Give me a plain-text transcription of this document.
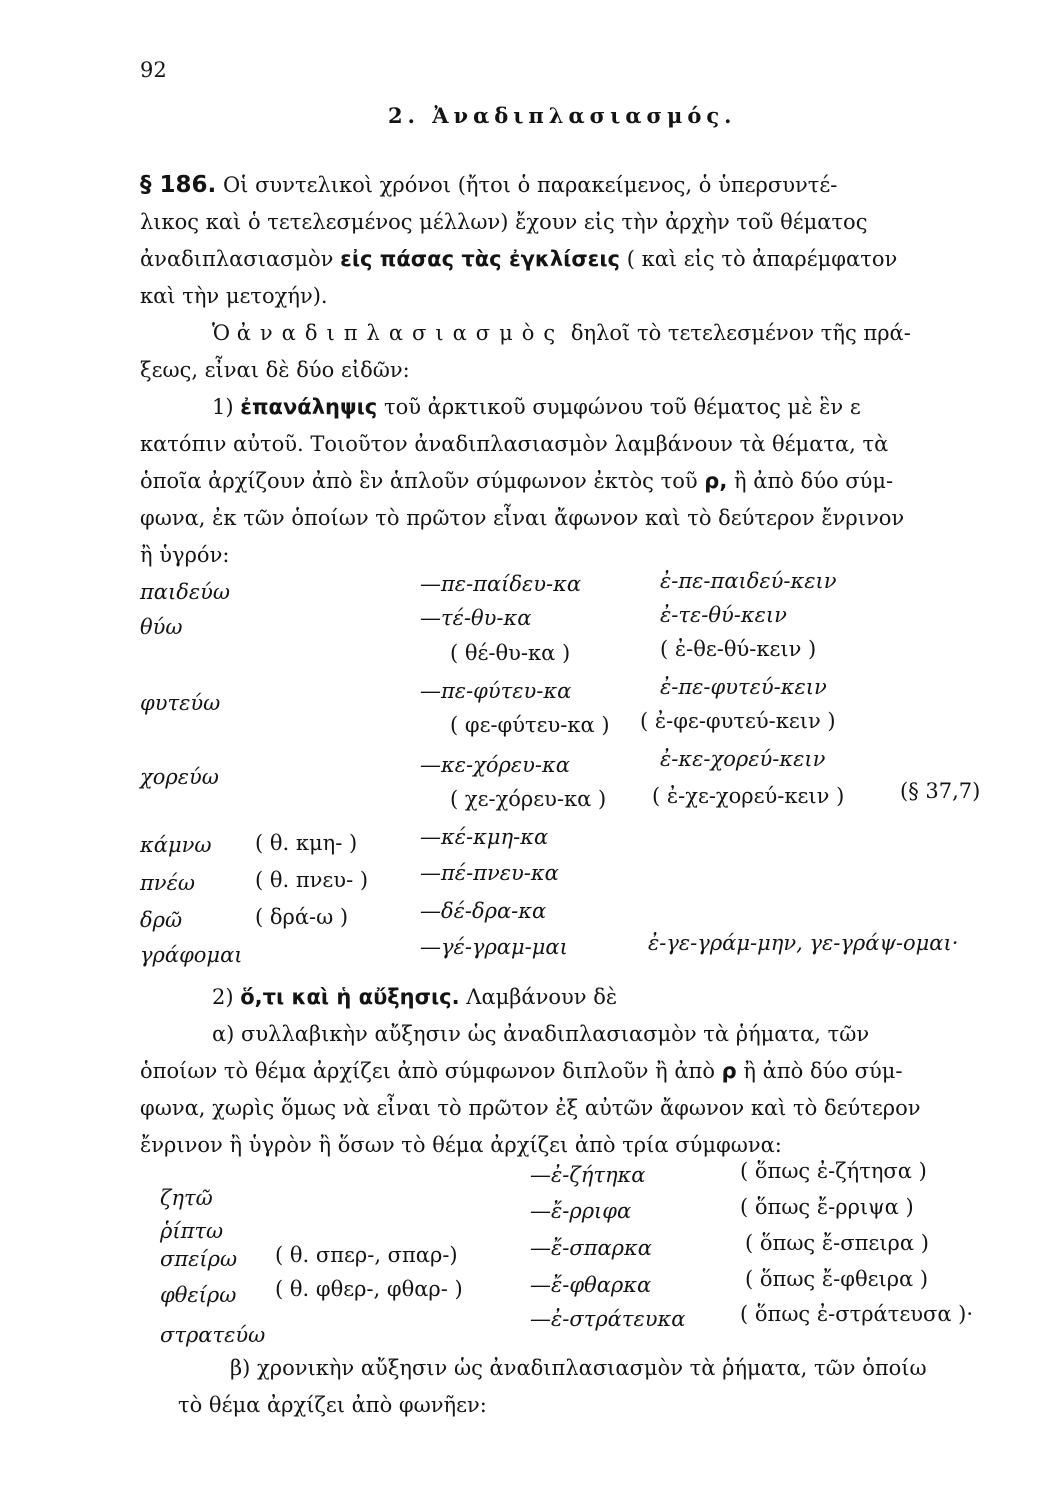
92
2. Ἀναδιπλασιασμός.
§ 186. Οἱ συντελικοὶ χρόνοι (ἤτοι ὁ παρακείμενος, ὁ ὑπερσυντέ-
λικος καὶ ὁ τετελεσμένος μέλλων) ἔχουν εἰς τὴν ἀρχὴν τοῦ θέματος
ἀναδιπλασιασμὸν εἰς πάσας τὰς ἐγκλίσεις ( καὶ εἰς τὸ ἀπαρέμφατον
καὶ τὴν μετοχήν).
Ὁ ἀναδιπλασιασμὸς δηλοῖ τὸ τετελεσμένον τῆς πρά-
ξεως, εἶναι δὲ δύο εἰδῶν:
1) ἐπανάληψις τοῦ ἀρκτικοῦ συμφώνου τοῦ θέματος μὲ ἓν ε
κατόπιν αὐτοῦ. Τοιοῦτον ἀναδιπλασιασμὸν λαμβάνουν τὰ θέματα, τὰ
ὁποῖα ἀρχίζουν ἀπὸ ἓν ἁπλοῦν σύμφωνον ἐκτὸς τοῦ ρ, ἢ ἀπὸ δύο σύμ-
φωνα, ἐκ τῶν ὁποίων τὸ πρῶτον εἶναι ἄφωνον καὶ τὸ δεύτερον ἔνρινον
ἢ ὑγρόν:
παιδεύω	—πε-παίδευ-κα	ἐ-πε-παιδεύ-κειν
θύω	—τέ-θυ-κα	ἐ-τε-θύ-κειν
( θέ-θυ-κα )	( ἐ-θε-θύ-κειν )
φυτεύω	—πε-φύτευ-κα	ἐ-πε-φυτεύ-κειν
( φε-φύτευ-κα ) ( ἐ-φε-φυτεύ-κειν )
χορεύω	—κε-χόρευ-κα	ἐ-κε-χορεύ-κειν
( χε-χόρευ-κα ) ( ἐ-χε-χορεύ-κειν )	(§ 37,7)
κάμνω ( θ. κμη- )	—κέ-κμη-κα
πνέω	( θ. πνευ- ) —πέ-πνευ-κα
δρῶ	( δρά-ω )	—δέ-δρα-κα
γράφομαι	—γέ-γραμ-μαι	ἐ-γε-γράμ-μην, γε-γράψ-ομαι·
2) ὅ,τι καὶ ἡ αὔξησις. Λαμβάνουν δὲ
α) συλλαβικὴν αὔξησιν ὡς ἀναδιπλασιασμὸν τὰ ῥήματα, τῶν
ὁποίων τὸ θέμα ἀρχίζει ἀπὸ σύμφωνον διπλοῦν ἢ ἀπὸ ρ ἢ ἀπὸ δύο σύμ-
φωνα, χωρὶς ὅμως νὰ εἶναι τὸ πρῶτον ἐξ αὐτῶν ἄφωνον καὶ τὸ δεύτερον
ἔνρινον ἢ ὑγρὸν ἢ ὅσων τὸ θέμα ἀρχίζει ἀπὸ τρία σύμφωνα:
ζητῶ
—ἐ-ζήτηκα	( ὅπως ἐ-ζήτησα )
ῥίπτω
—ἔ-ρριφα	( ὅπως ἔ-ρριψα )
σπείρω ( θ. σπερ-, σπαρ-)	—ἔ-σπαρκα	( ὅπως ἔ-σπειρα )
φθείρω ( θ. φθερ-, φθαρ- )	—ἔ-φθαρκα	( ὅπως ἔ-φθειρα )
στρατεύω
—ἐ-στράτευκα	( ὅπως ἐ-στράτευσα )·
β) χρονικὴν αὔξησιν ὡς ἀναδιπλασιασμὸν τὰ ῥήματα, τῶν ὁποίω
τὸ θέμα ἀρχίζει ἀπὸ φωνῆεν:
